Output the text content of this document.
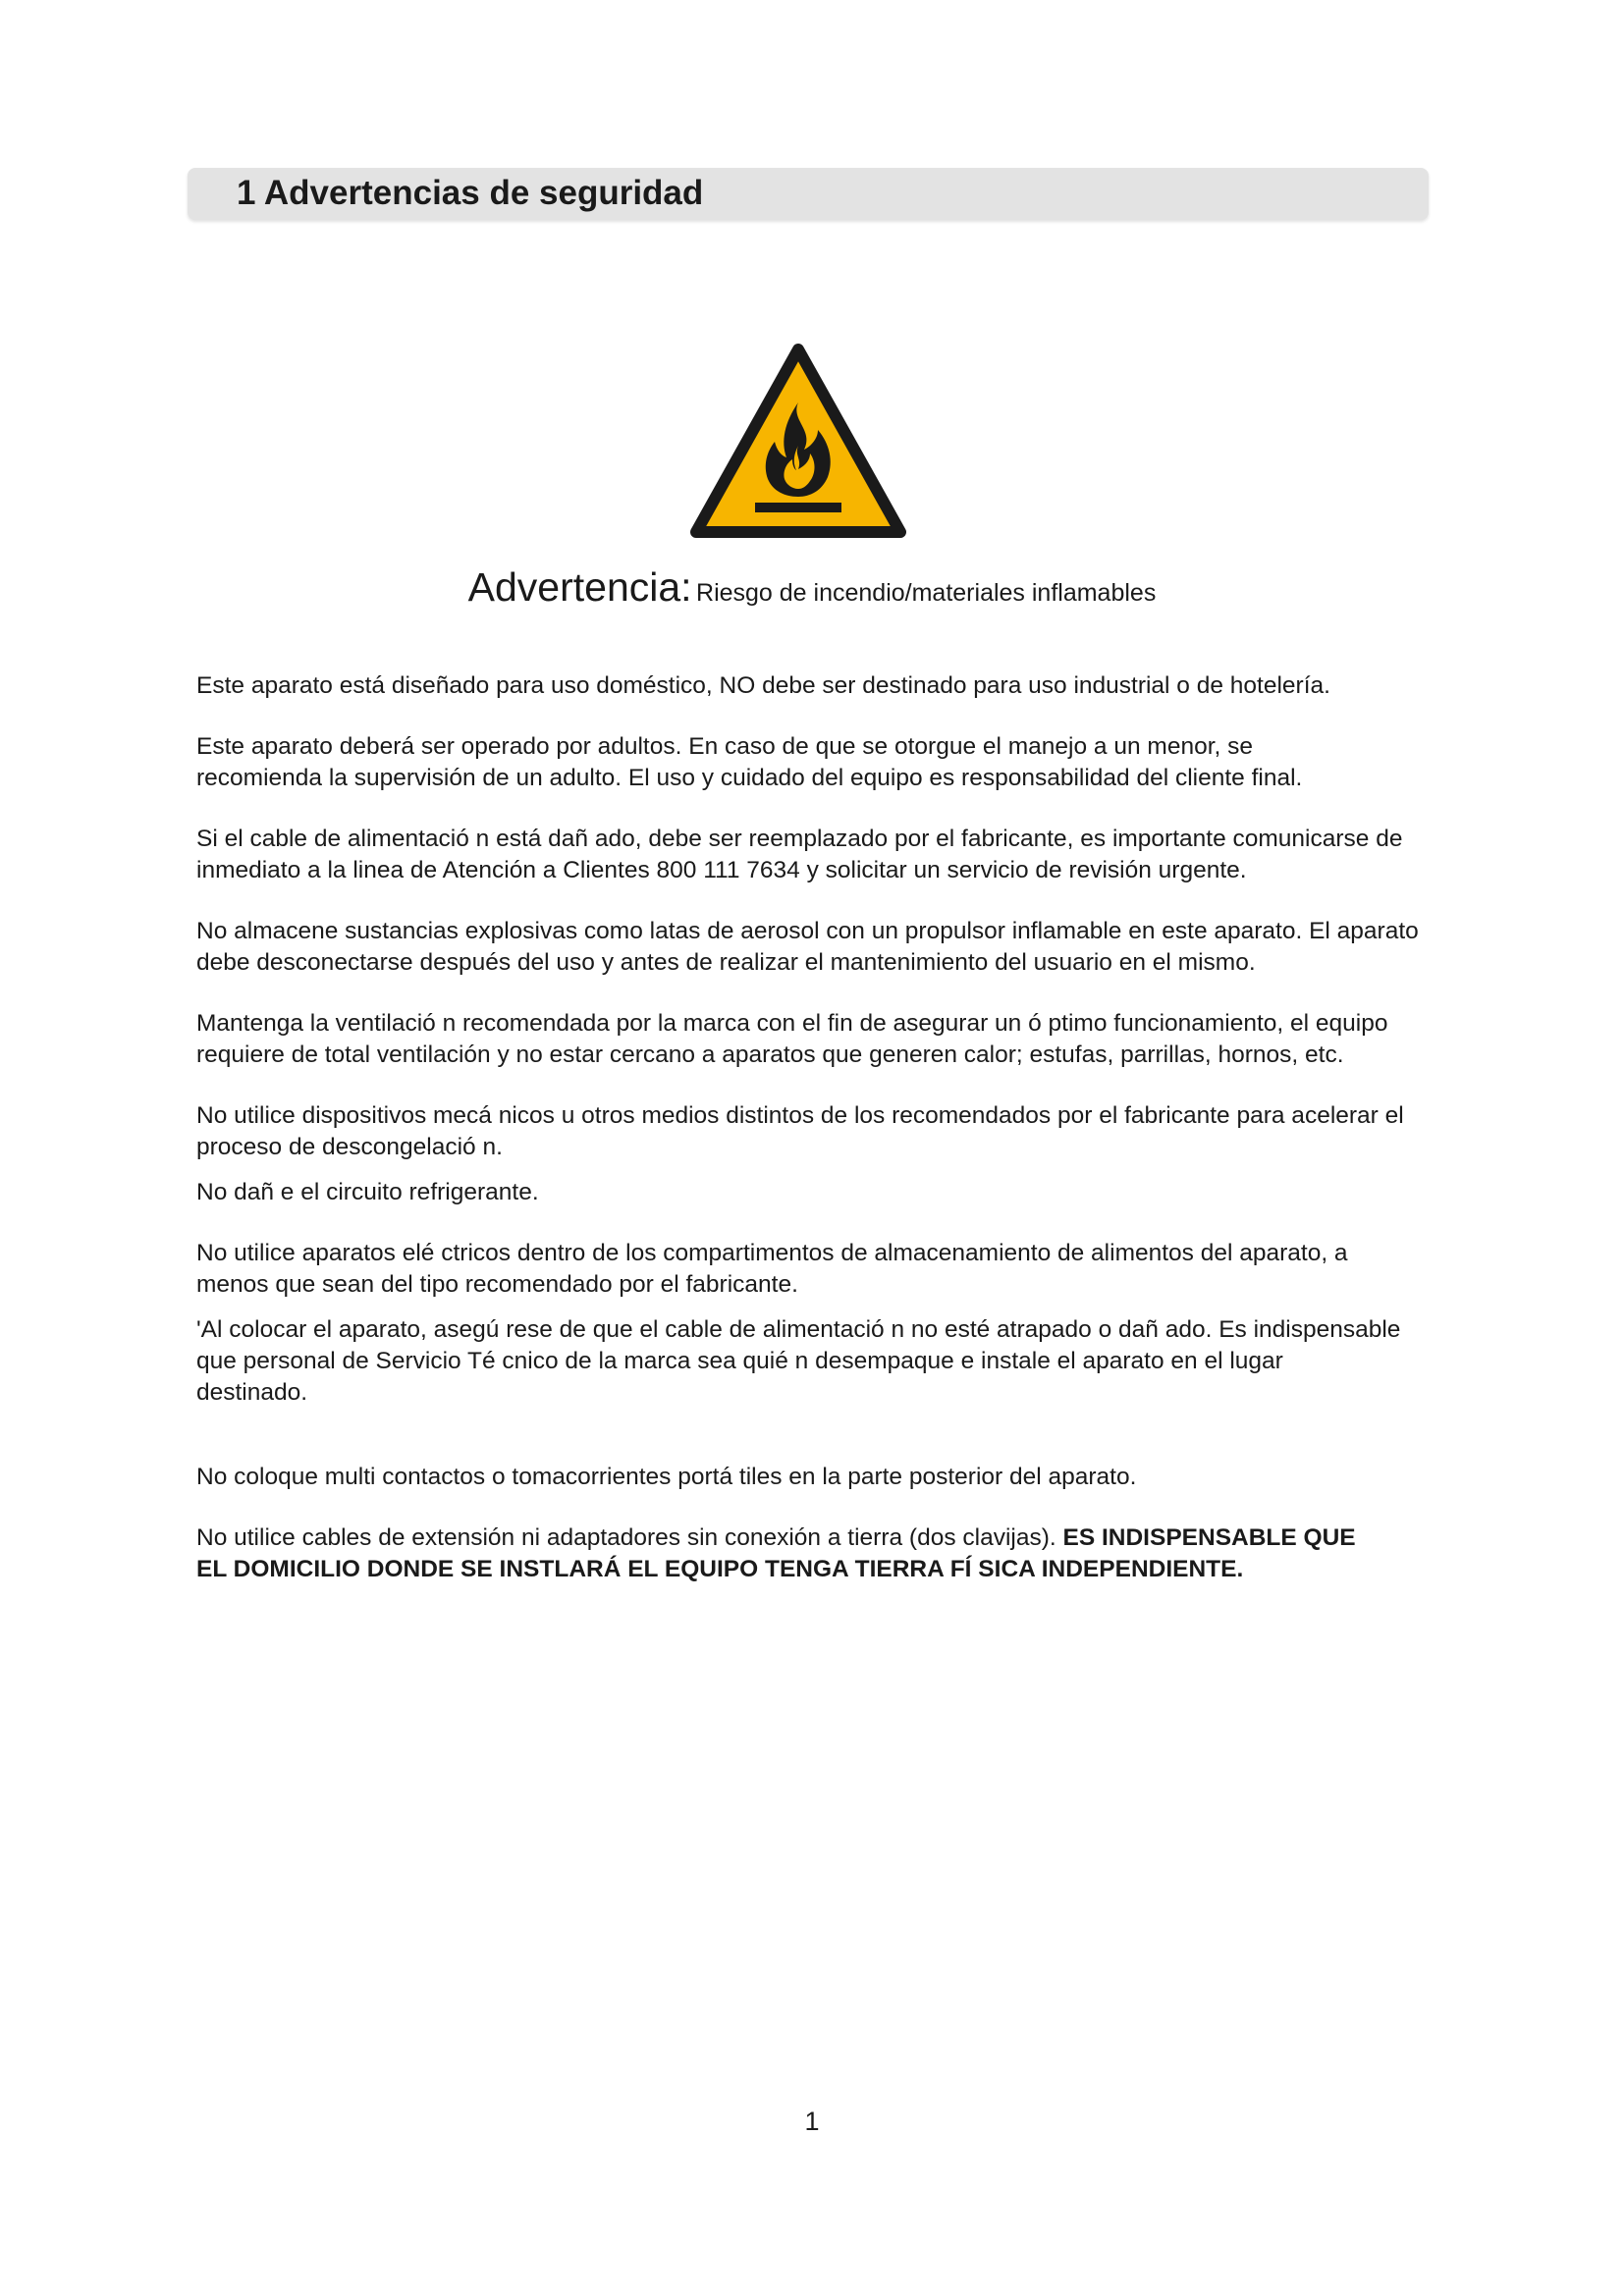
1 Advertencias de seguridad
Advertencia: Riesgo de incendio/materiales inflamables

Este aparato está diseñado para uso doméstico, NO debe ser destinado para uso industrial o de hotelería.

Este aparato deberá ser operado por adultos. En caso de que se otorgue el manejo a un menor, se

recomienda la supervisión de un adulto. El uso y cuidado del equipo es responsabilidad del cliente final.

Si el cable de alimentació n está dañ ado, debe ser reemplazado por el fabricante, es importante comunicarse de

inmediato a la linea de Atención a Clientes 800 111 7634 y solicitar un servicio de revisión urgente.

No almacene sustancias explosivas como latas de aerosol con un propulsor inflamable en este aparato. El aparato

debe desconectarse después del uso y antes de realizar el mantenimiento del usuario en el mismo.

Mantenga la ventilació n recomendada por la marca con el fin de asegurar un ó ptimo funcionamiento, el equipo

requiere de total ventilación y no estar cercano a aparatos que generen calor; estufas, parrillas, hornos, etc.

No utilice dispositivos mecá nicos u otros medios distintos de los recomendados por el fabricante para acelerar el

proceso de descongelació n.

No dañ e el circuito refrigerante.

No utilice aparatos elé ctricos dentro de los compartimentos de almacenamiento de alimentos del aparato, a

menos que sean del tipo recomendado por el fabricante.

'Al colocar el aparato, asegú rese de que el cable de alimentació n no esté atrapado o dañ ado. Es indispensable

que personal de Servicio Té cnico de la marca sea quié n desempaque e instale el aparato en el lugar

destinado.

No coloque multi contactos o tomacorrientes portá tiles en la parte posterior del aparato.

No utilice cables de extensión ni adaptadores sin conexión a tierra (dos clavijas). ES INDISPENSABLE QUE

EL DOMICILIO DONDE SE INSTLARÁ EL EQUIPO TENGA TIERRA FÍ SICA INDEPENDIENTE.

1
